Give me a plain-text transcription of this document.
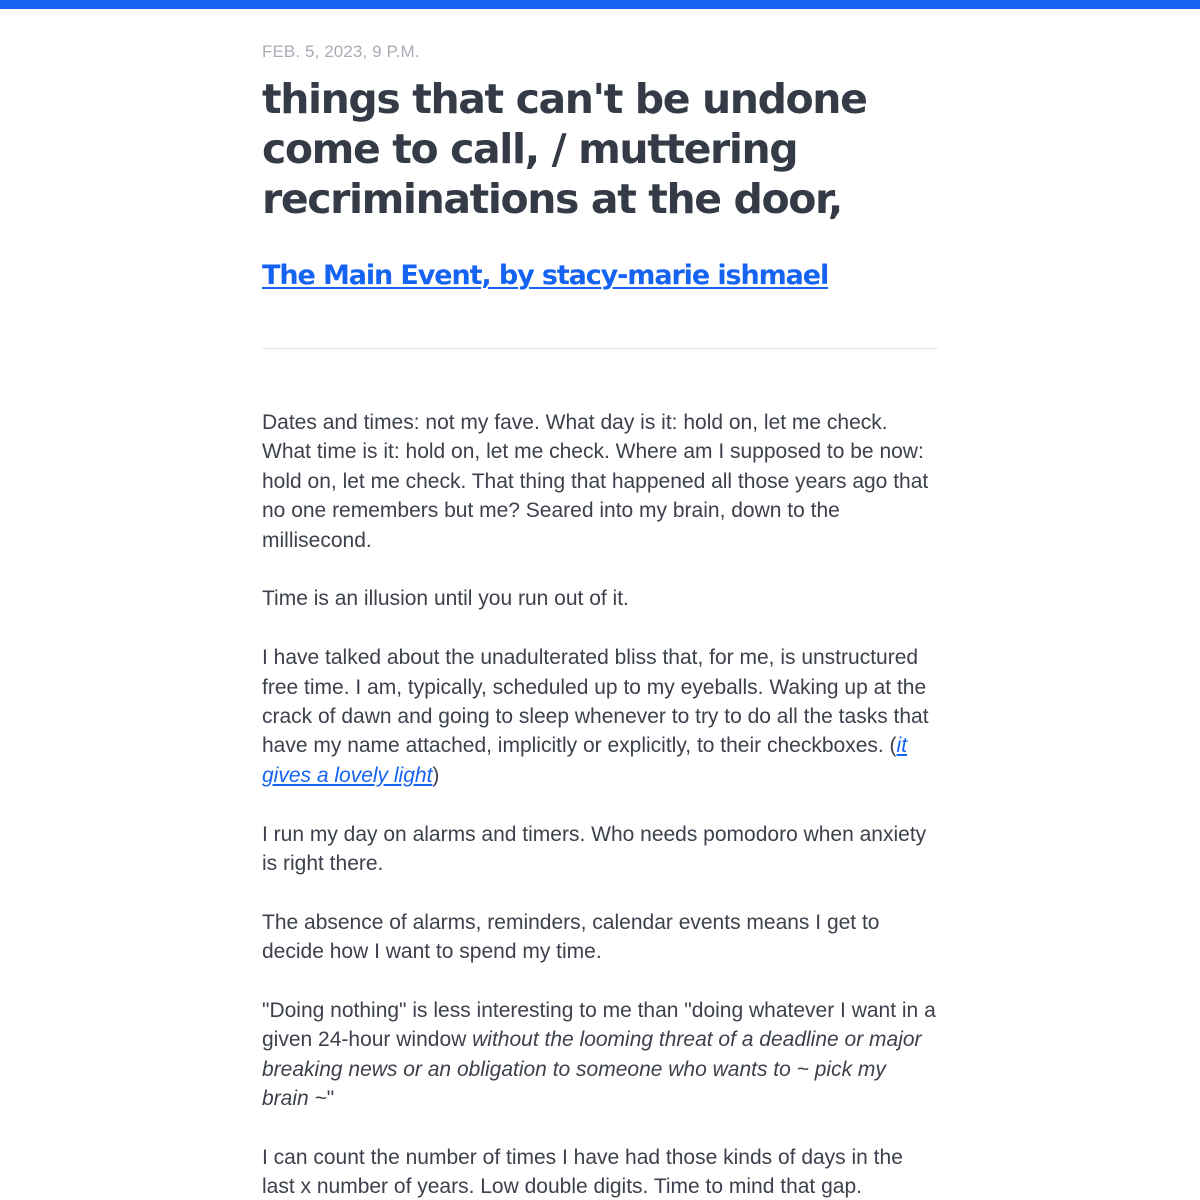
FEB. 5, 2023, 9 P.M.
things that can't be undone come to call, / muttering recriminations at the door,
The Main Event, by stacy-marie ishmael

Dates and times: not my fave. What day is it: hold on, let me check. What time is it: hold on, let me check. Where am I supposed to be now: hold on, let me check. That thing that happened all those years ago that no one remembers but me? Seared into my brain, down to the millisecond.

Time is an illusion until you run out of it.

I have talked about the unadulterated bliss that, for me, is unstructured free time. I am, typically, scheduled up to my eyeballs. Waking up at the crack of dawn and going to sleep whenever to try to do all the tasks that have my name attached, implicitly or explicitly, to their checkboxes. (it gives a lovely light)

I run my day on alarms and timers. Who needs pomodoro when anxiety is right there.

The absence of alarms, reminders, calendar events means I get to decide how I want to spend my time.

"Doing nothing" is less interesting to me than "doing whatever I want in a given 24-hour window without the looming threat of a deadline or major breaking news or an obligation to someone who wants to ~ pick my brain ~"

I can count the number of times I have had those kinds of days in the last x number of years. Low double digits. Time to mind that gap.
